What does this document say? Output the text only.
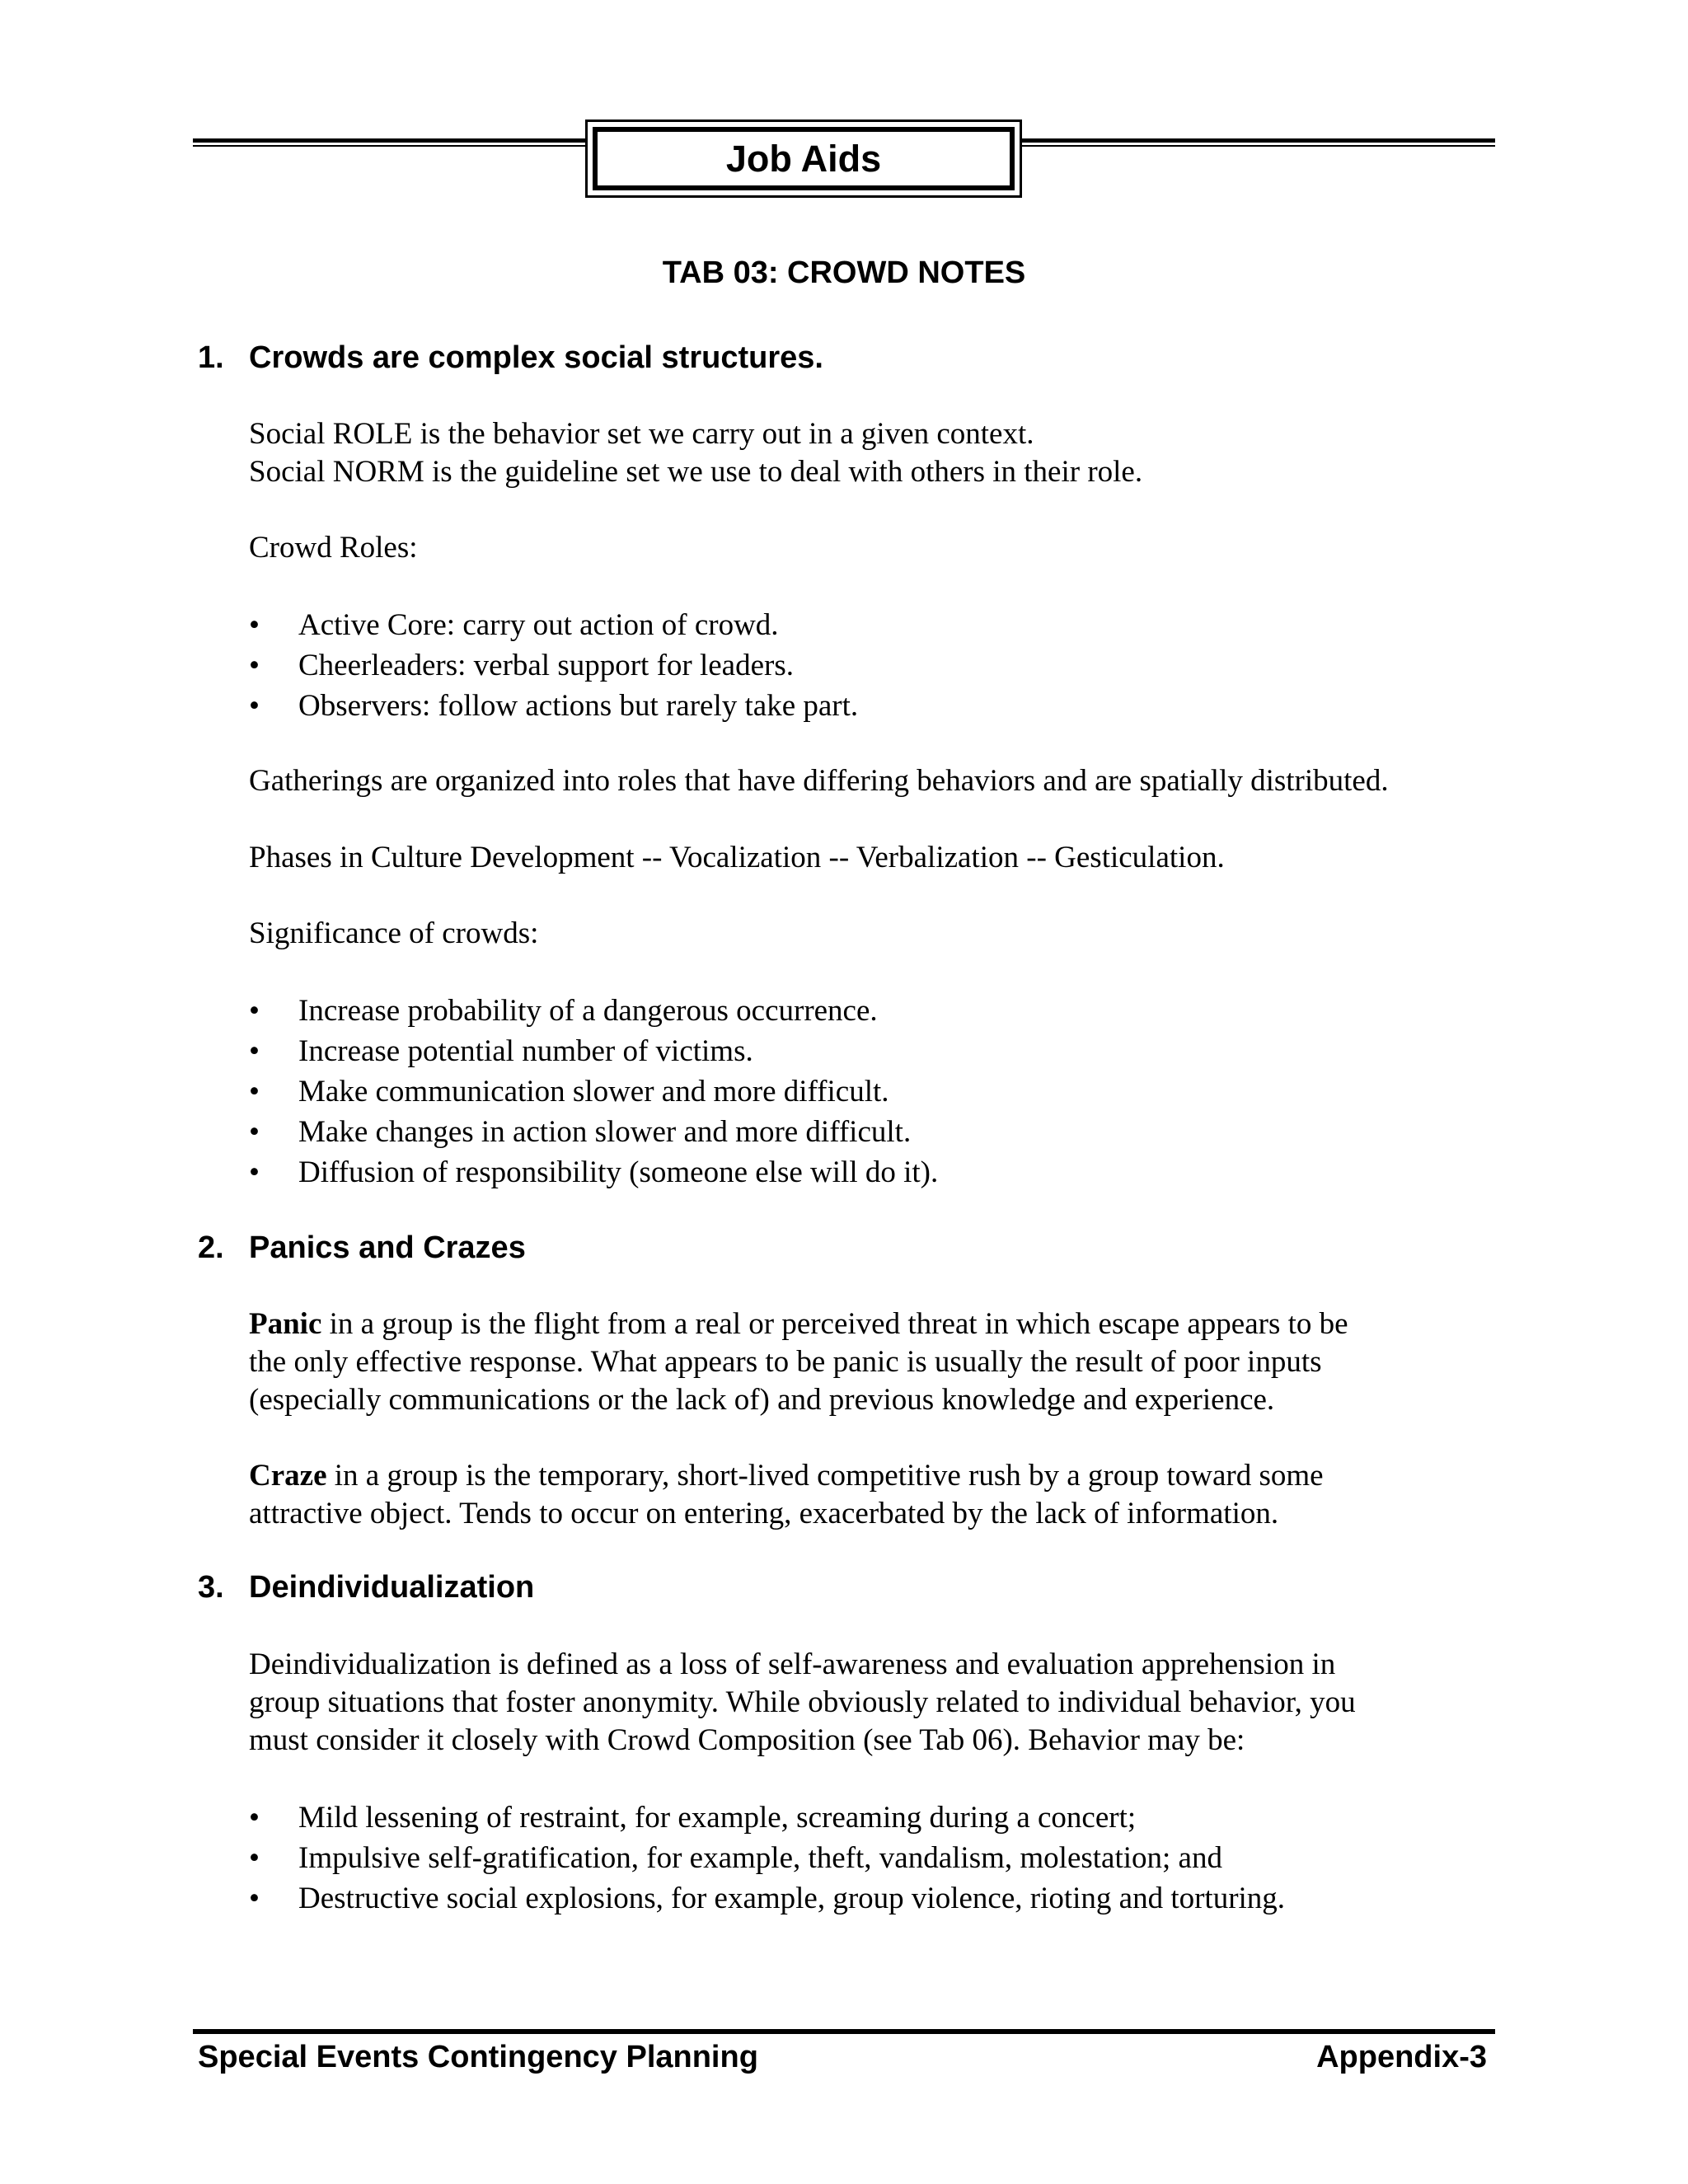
Job Aids
TAB 03: CROWD NOTES
1. Crowds are complex social structures.
Social ROLE is the behavior set we carry out in a given context.
Social NORM is the guideline set we use to deal with others in their role.
Crowd Roles:
• Active Core: carry out action of crowd.
• Cheerleaders: verbal support for leaders.
• Observers: follow actions but rarely take part.
Gatherings are organized into roles that have differing behaviors and are spatially distributed.
Phases in Culture Development -- Vocalization -- Verbalization -- Gesticulation.
Significance of crowds:
• Increase probability of a dangerous occurrence.
• Increase potential number of victims.
• Make communication slower and more difficult.
• Make changes in action slower and more difficult.
• Diffusion of responsibility (someone else will do it).
2. Panics and Crazes
Panic in a group is the flight from a real or perceived threat in which escape appears to be
the only effective response. What appears to be panic is usually the result of poor inputs
(especially communications or the lack of) and previous knowledge and experience.
Craze in a group is the temporary, short-lived competitive rush by a group toward some
attractive object. Tends to occur on entering, exacerbated by the lack of information.
3. Deindividualization
Deindividualization is defined as a loss of self-awareness and evaluation apprehension in
group situations that foster anonymity. While obviously related to individual behavior, you
must consider it closely with Crowd Composition (see Tab 06). Behavior may be:
• Mild lessening of restraint, for example, screaming during a concert;
• Impulsive self-gratification, for example, theft, vandalism, molestation; and
• Destructive social explosions, for example, group violence, rioting and torturing.
Special Events Contingency Planning	Appendix-3
